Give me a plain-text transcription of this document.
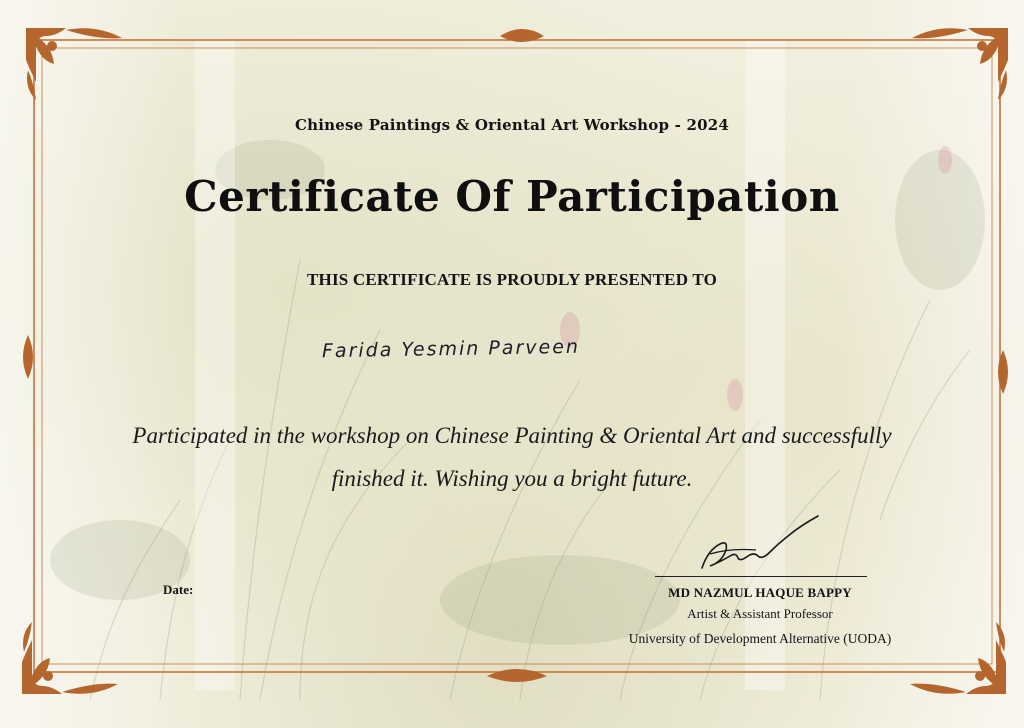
Chinese Paintings & Oriental Art Workshop - 2024
Certificate Of Participation
THIS CERTIFICATE IS PROUDLY PRESENTED TO
Farida Yesmin Parveen
Participated in the workshop on Chinese Painting & Oriental Art and successfully
finished it. Wishing you a bright future.
Date:	MD NAZMUL HAQUE BAPPY
Artist & Assistant Professor
University of Development Alternative (UODA)
